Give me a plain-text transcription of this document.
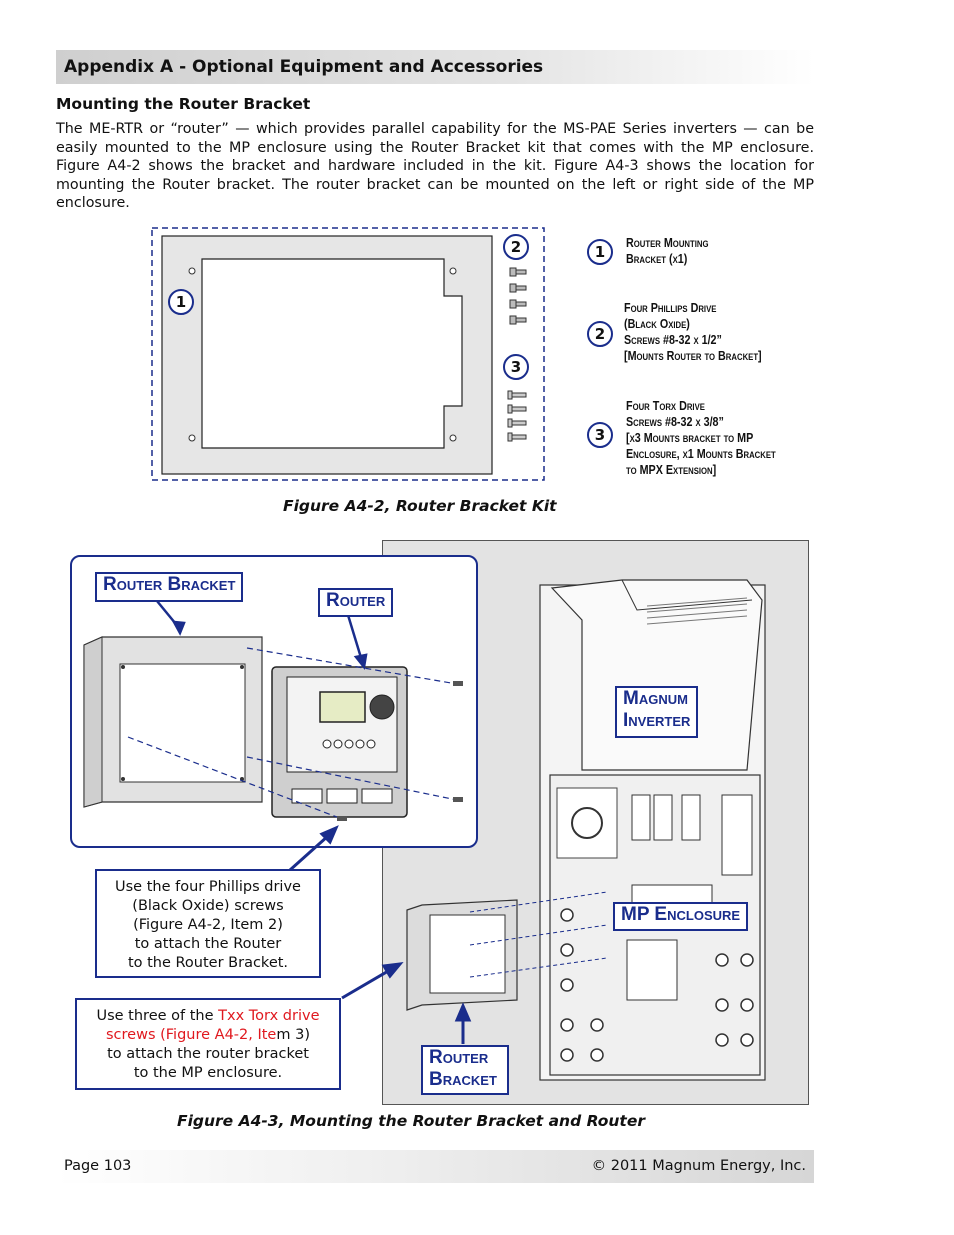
Appendix A - Optional Equipment and Accessories
Mounting the Router Bracket
The ME-RTR or “router” — which provides parallel capability for the MS-PAE Series inverters — can be easily mounted to the MP enclosure using the Router Bracket kit that comes with the MP enclosure. Figure A4-2 shows the bracket and hardware included in the kit. Figure A4-3 shows the location for mounting the Router bracket. The router bracket can be mounted on the left or right side of the MP enclosure.
1
2
3
1	Router Mounting
Bracket (x1)
2
Four Phillips Drive
(Black Oxide)
Screws #8-32 x 1/2”
[Mounts Router to Bracket]
3
Four Torx Drive
Screws #8-32 x 3/8”
[x3 Mounts bracket to MP
Enclosure, x1 Mounts Bracket
to MPX Extension]
Figure A4-2, Router Bracket Kit
Router Bracket
Router
Magnum
Inverter
MP Enclosure
Router
Bracket
Use the four Phillips drive
(Black Oxide) screws
(Figure A4-2, Item 2)
to attach the Router
to the Router Bracket.
Use three of the Txx Torx drive
screws (Figure A4-2, Item 3)
to attach the router bracket
to the MP enclosure.
Figure A4-3, Mounting the Router Bracket and Router
Page 103	© 2011 Magnum Energy, Inc.
